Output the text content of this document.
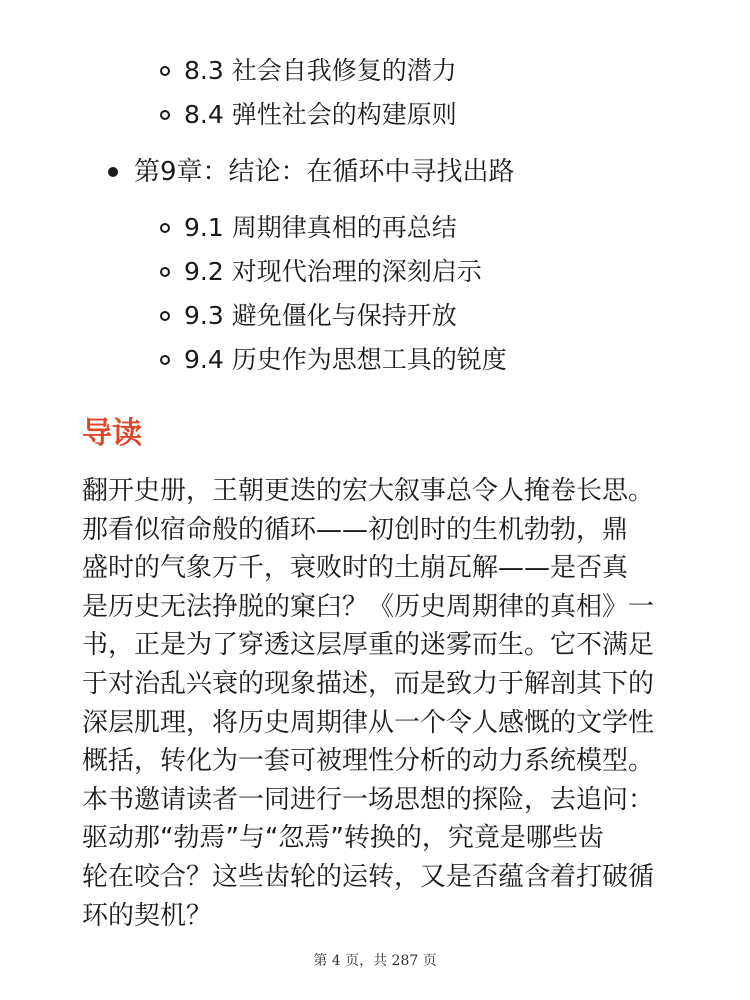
8.3 社会自我修复的潜力
8.4 弹性社会的构建原则
第9章：结论：在循环中寻找出路
9.1 周期律真相的再总结
9.2 对现代治理的深刻启示
9.3 避免僵化与保持开放
9.4 历史作为思想工具的锐度
导读
翻开史册，王朝更迭的宏大叙事总令人掩卷长思。
那看似宿命般的循环——初创时的生机勃勃，鼎
盛时的气象万千，衰败时的土崩瓦解——是否真
是历史无法挣脱的窠臼？《历史周期律的真相》一
书，正是为了穿透这层厚重的迷雾而生。它不满足
于对治乱兴衰的现象描述，而是致力于解剖其下的
深层肌理，将历史周期律从一个令人感慨的文学性
概括，转化为一套可被理性分析的动力系统模型。
本书邀请读者一同进行一场思想的探险，去追问：
驱动那“勃焉”与“忽焉”转换的，究竟是哪些齿
轮在咬合？这些齿轮的运转，又是否蕴含着打破循
环的契机？
第 4 页，共 287 页
